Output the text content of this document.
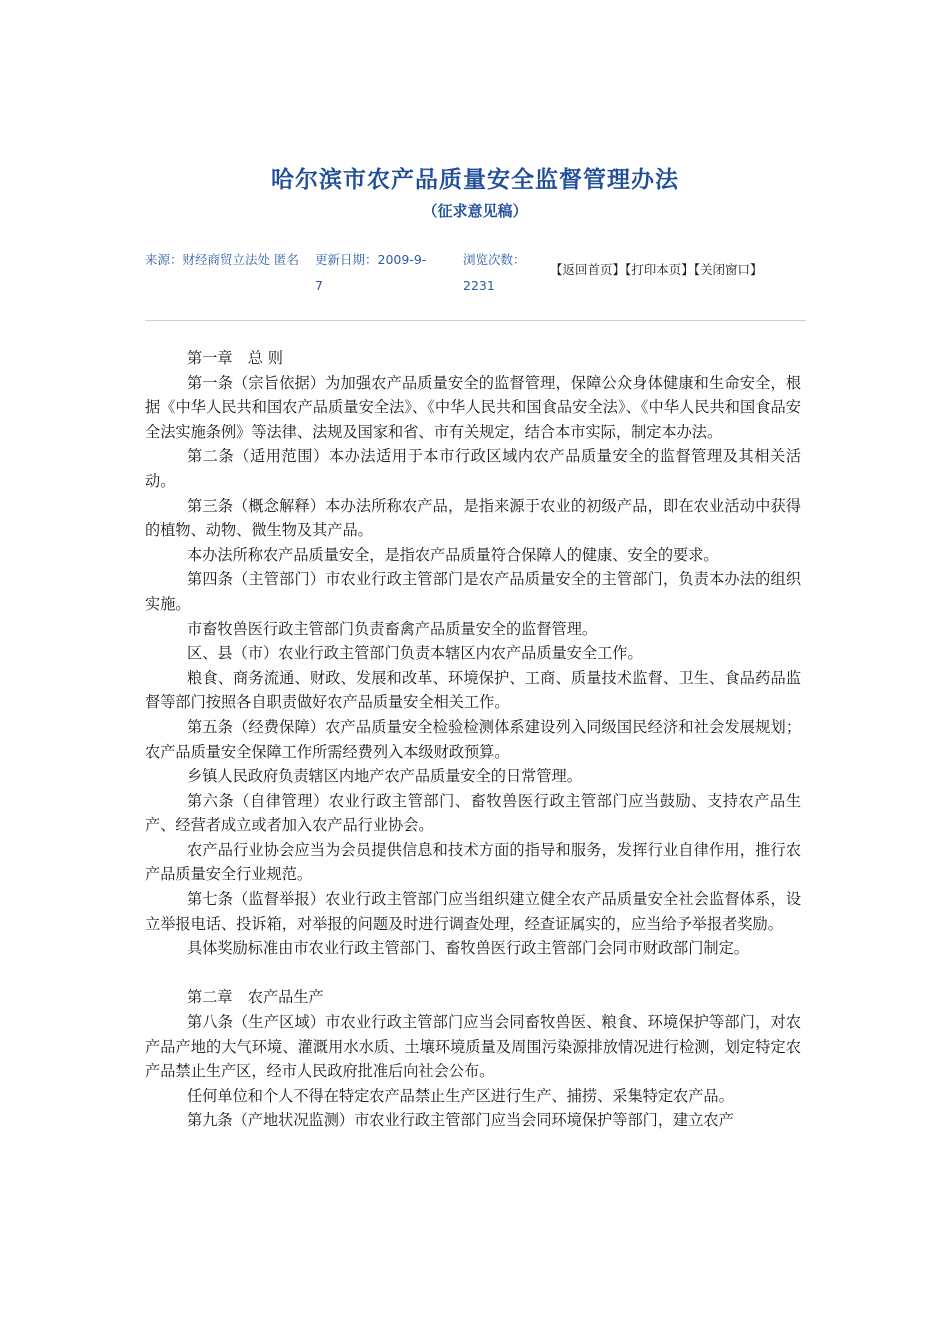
哈尔滨市农产品质量安全监督管理办法
（征求意见稿）
来源：财经商贸立法处 匿名	更新日期：2009-9-7
浏览次数：2231
【返回首页】【打印本页】【关闭窗口】

第一章　总 则

第一条（宗旨依据）为加强农产品质量安全的监督管理，保障公众身体健康和生命安全，根据《中华人民共和国农产品质量安全法》、《中华人民共和国食品安全法》、《中华人民共和国食品安全法实施条例》等法律、法规及国家和省、市有关规定，结合本市实际，制定本办法。

第二条（适用范围）本办法适用于本市行政区域内农产品质量安全的监督管理及其相关活动。

第三条（概念解释）本办法所称农产品，是指来源于农业的初级产品，即在农业活动中获得的植物、动物、微生物及其产品。

本办法所称农产品质量安全，是指农产品质量符合保障人的健康、安全的要求。

第四条（主管部门）市农业行政主管部门是农产品质量安全的主管部门，负责本办法的组织实施。

市畜牧兽医行政主管部门负责畜禽产品质量安全的监督管理。

区、县（市）农业行政主管部门负责本辖区内农产品质量安全工作。

粮食、商务流通、财政、发展和改革、环境保护、工商、质量技术监督、卫生、食品药品监督等部门按照各自职责做好农产品质量安全相关工作。

第五条（经费保障）农产品质量安全检验检测体系建设列入同级国民经济和社会发展规划；农产品质量安全保障工作所需经费列入本级财政预算。

乡镇人民政府负责辖区内地产农产品质量安全的日常管理。

第六条（自律管理）农业行政主管部门、畜牧兽医行政主管部门应当鼓励、支持农产品生产、经营者成立或者加入农产品行业协会。

农产品行业协会应当为会员提供信息和技术方面的指导和服务，发挥行业自律作用，推行农产品质量安全行业规范。

第七条（监督举报）农业行政主管部门应当组织建立健全农产品质量安全社会监督体系，设立举报电话、投诉箱，对举报的问题及时进行调查处理，经查证属实的，应当给予举报者奖励。

具体奖励标准由市农业行政主管部门、畜牧兽医行政主管部门会同市财政部门制定。

第二章　农产品生产

第八条（生产区域）市农业行政主管部门应当会同畜牧兽医、粮食、环境保护等部门，对农产品产地的大气环境、灌溉用水水质、土壤环境质量及周围污染源排放情况进行检测，划定特定农产品禁止生产区，经市人民政府批准后向社会公布。

任何单位和个人不得在特定农产品禁止生产区进行生产、捕捞、采集特定农产品。

第九条（产地状况监测）市农业行政主管部门应当会同环境保护等部门，建立农产
